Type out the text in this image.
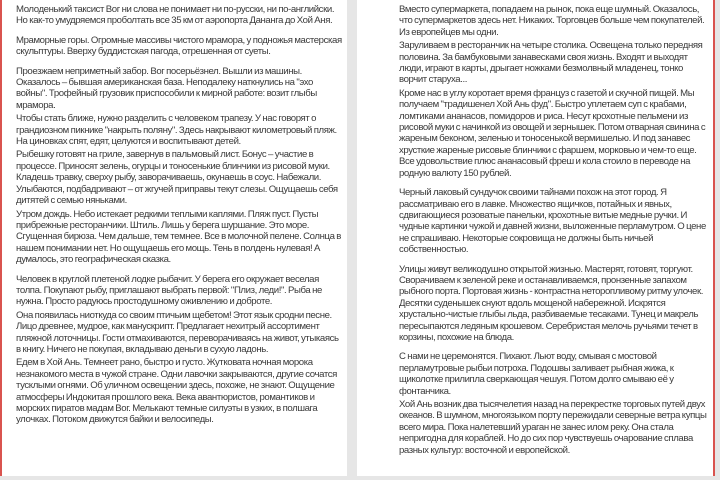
Молоденький таксист Вог ни слова не понимает ни по-русски, ни по-английски. Но как-то умудряемся проболтать все 35 км от аэропорта Дананга до Хой Аня.

Мраморные горы. Огромные массивы чистого мрамора, у подножья мастерская скульптуры. Вверху буддистская пагода, отрешенная от суеты.

Проезжаем неприметный забор. Вог посерьёзнел. Вышли из машины. Оказалось – бывшая американская база. Неподалеку наткнулись на "эхо войны". Трофейный грузовик приспособили к мирной работе: возит глыбы мрамора.

Чтобы стать ближе, нужно разделить с человеком трапезу. У нас говорят о грандиозном пикнике "накрыть поляну". Здесь накрывают километровый пляж. На циновках спят, едят, целуются и воспитывают детей.

Рыбешку готовят на гриле, завернув в пальмовый лист. Бонус – участие в процессе. Приносят зелень, огурцы и тоносенькие блинчики из рисовой муки. Кладешь травку, сверху рыбу, заворачиваешь, окунаешь в соус. Набежали. Улыбаются, подбадривают – от жгучей приправы текут слезы. Ощущаешь себя дитятей с семью няньками.

Утром дождь. Небо истекает редкими теплыми каплями. Пляж пуст. Пусты прибрежные ресторанчики. Штиль. Лишь у берега шуршание. Это море. Сгущенная бирюза. Чем дальше, тем темнее. Все в молочной пелене. Солнца в нашем понимании нет. Но ощущаешь его мощь. Тень в полдень нулевая! А думалось, это географическая сказка.

Человек в круглой плетеной лодке рыбачит. У берега его окружает веселая толпа. Покупают рыбу, приглашают выбрать первой: "Плиз, леди!". Рыба не нужна. Просто радуюсь простодушному оживлению и доброте.

Она появилась ниоткуда со своим птичьим щебетом! Этот язык сродни песне. Лицо древнее, мудрое, как манускрипт. Предлагает нехитрый ассортимент пляжной лоточницы. Гости отмахиваются, переворачиваясь на живот, утыкаясь в книгу. Ничего не покупая, вкладываю деньги в сухую ладонь.

Едем в Хой Ань. Темнеет рано, быстро и густо. Жутковата ночная морока незнакомого места в чужой стране. Одни лавочки закрываются, другие сочатся тусклыми огнями. Об уличном освещении здесь, похоже, не знают. Ощущение атмосферы Индокитая прошлого века. Века авантюристов, романтиков и морских пиратов мадам Вог. Мелькают темные силуэты в узких, в полшага улочках. Потоком движутся байки и велосипеды.

Вместо супермаркета, попадаем на рынок, пока еще шумный. Оказалось, что супермаркетов здесь нет. Никаких. Торговцев больше чем покупателей. Из европейцев мы одни.

Заруливаем в ресторанчик на четыре столика. Освещена только передняя половина. За бамбуковыми занавесками своя жизнь. Входят и выходят люди, играют в карты, дрыгает ножками безмолвный младенец, тонко ворчит старуха...

Кроме нас в углу коротает время француз с газетой и скучной пищей. Мы получаем "традишенел Хой Ань фуд". Быстро уплетаем суп с крабами, ломтиками ананасов, помидоров и риса. Несут крохотные пельмени из рисовой муки с начинкой из овощей и зернышек. Потом отварная свинина с жареным беконом, зеленью и тоносенькой вермишелью. И под занавес хрусткие жареные рисовые блинчики с фаршем, морковью и чем-то еще. Все удовольствие плюс ананасовый фреш и кола стоило в переводе на родную валюту 150 рублей.

Черный лаковый сундучок своими тайнами похож на этот город. Я рассматриваю его в лавке. Множество ящичков, потайных и явных, сдвигающиеся розоватые панельки, крохотные витые медные ручки. И чудные картинки чужой и давней жизни, выложенные перламутром. О цене не спрашиваю. Некоторые сокровища не должны быть ничьей собственностью.

Улицы живут великодушно открытой жизнью. Мастерят, готовят, торгуют. Сворачиваем к зеленой реке и останавливаемся, пронзенные запахом рыбного порта. Портовая жизнь - контрастна неторопливому ритму улочек. Десятки суденышек снуют вдоль мощеной набережной. Искрятся хрустально-чистые глыбы льда, разбиваемые тесаками. Тунец и макрель пересыпаются ледяным крошевом. Серебристая мелочь ручьями течет в корзины, похожие на блюда.

С нами не церемонятся. Пихают. Льют воду, смывая с мостовой перламутровые рыбьи потроха. Подошвы заливает рыбная жижа, к щиколотке прилипла сверкающая чешуя. Потом долго смываю её у фонтанчика.

Хой Ань возник два тысячелетия назад на перекрестке торговых путей двух океанов. В шумном, многоязыком порту пережидали северные ветра купцы всего мира. Пока налетевший ураган не занес илом реку. Она стала непригодна для кораблей. Но до сих пор чувствуешь очарование сплава разных культур: восточной и европейской.
